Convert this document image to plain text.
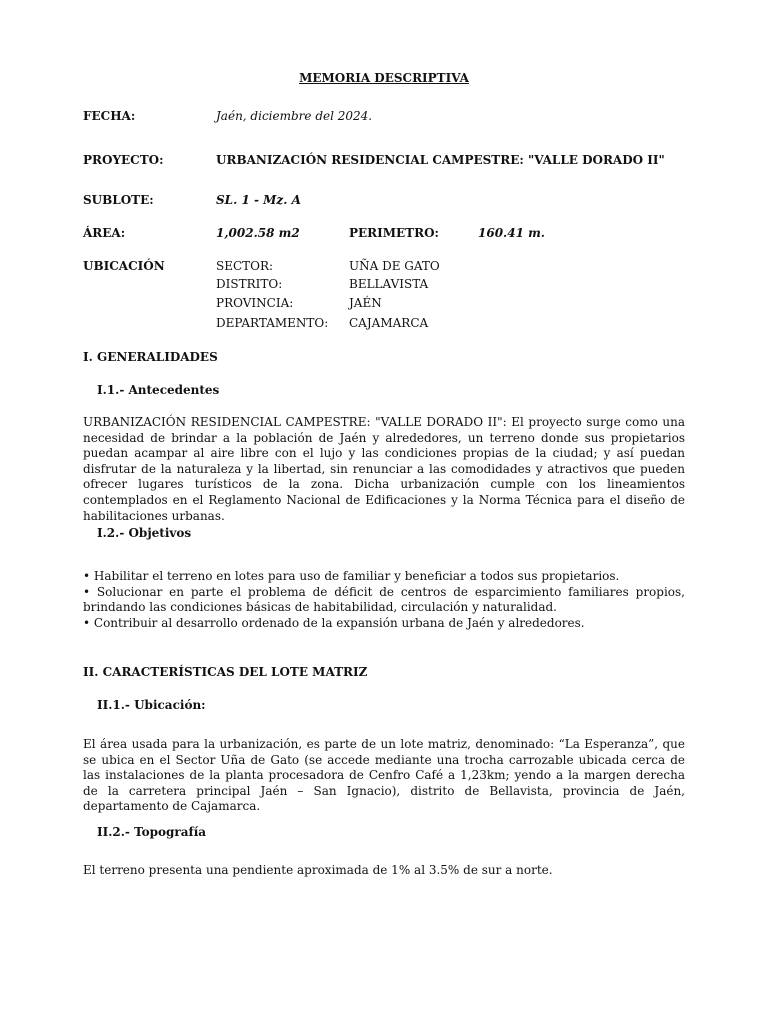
MEMORIA DESCRIPTIVA
FECHA:	Jaén, diciembre del 2024.
PROYECTO:	URBANIZACIÓN RESIDENCIAL CAMPESTRE: "VALLE DORADO II"
SUBLOTE:	SL. 1 - Mz. A
ÁREA:	1,002.58 m2	PERIMETRO:	160.41 m.
UBICACIÓN	SECTOR:	UÑA DE GATO
DISTRITO:	BELLAVISTA
PROVINCIA:	JAÉN
DEPARTAMENTO: CAJAMARCA
I. GENERALIDADES
I.1.- Antecedentes
URBANIZACIÓN RESIDENCIAL CAMPESTRE: "VALLE DORADO II": El proyecto surge como una necesidad de brindar a la población de Jaén y alrededores, un terreno donde sus propietarios puedan acampar al aire libre con el lujo y las condiciones propias de la ciudad; y así puedan disfrutar de la naturaleza y la libertad, sin renunciar a las comodidades y atractivos que pueden ofrecer lugares turísticos de la zona. Dicha urbanización cumple con los lineamientos contemplados en el Reglamento Nacional de Edificaciones y la Norma Técnica para el diseño de habilitaciones urbanas.
I.2.- Objetivos
• Habilitar el terreno en lotes para uso de familiar y beneficiar a todos sus propietarios.
• Solucionar en parte el problema de déficit de centros de esparcimiento familiares propios, brindando las condiciones básicas de habitabilidad, circulación y naturalidad.
• Contribuir al desarrollo ordenado de la expansión urbana de Jaén y alrededores.
II. CARACTERÍSTICAS DEL LOTE MATRIZ
II.1.- Ubicación:
El área usada para la urbanización, es parte de un lote matriz, denominado: “La Esperanza”, que se ubica en el Sector Uña de Gato (se accede mediante una trocha carrozable ubicada cerca de las instalaciones de la planta procesadora de Cenfro Café a 1,23km; yendo a la margen derecha de la carretera principal Jaén – San Ignacio), distrito de Bellavista, provincia de Jaén, departamento de Cajamarca.
II.2.- Topografía
El terreno presenta una pendiente aproximada de 1% al 3.5% de sur a norte.
